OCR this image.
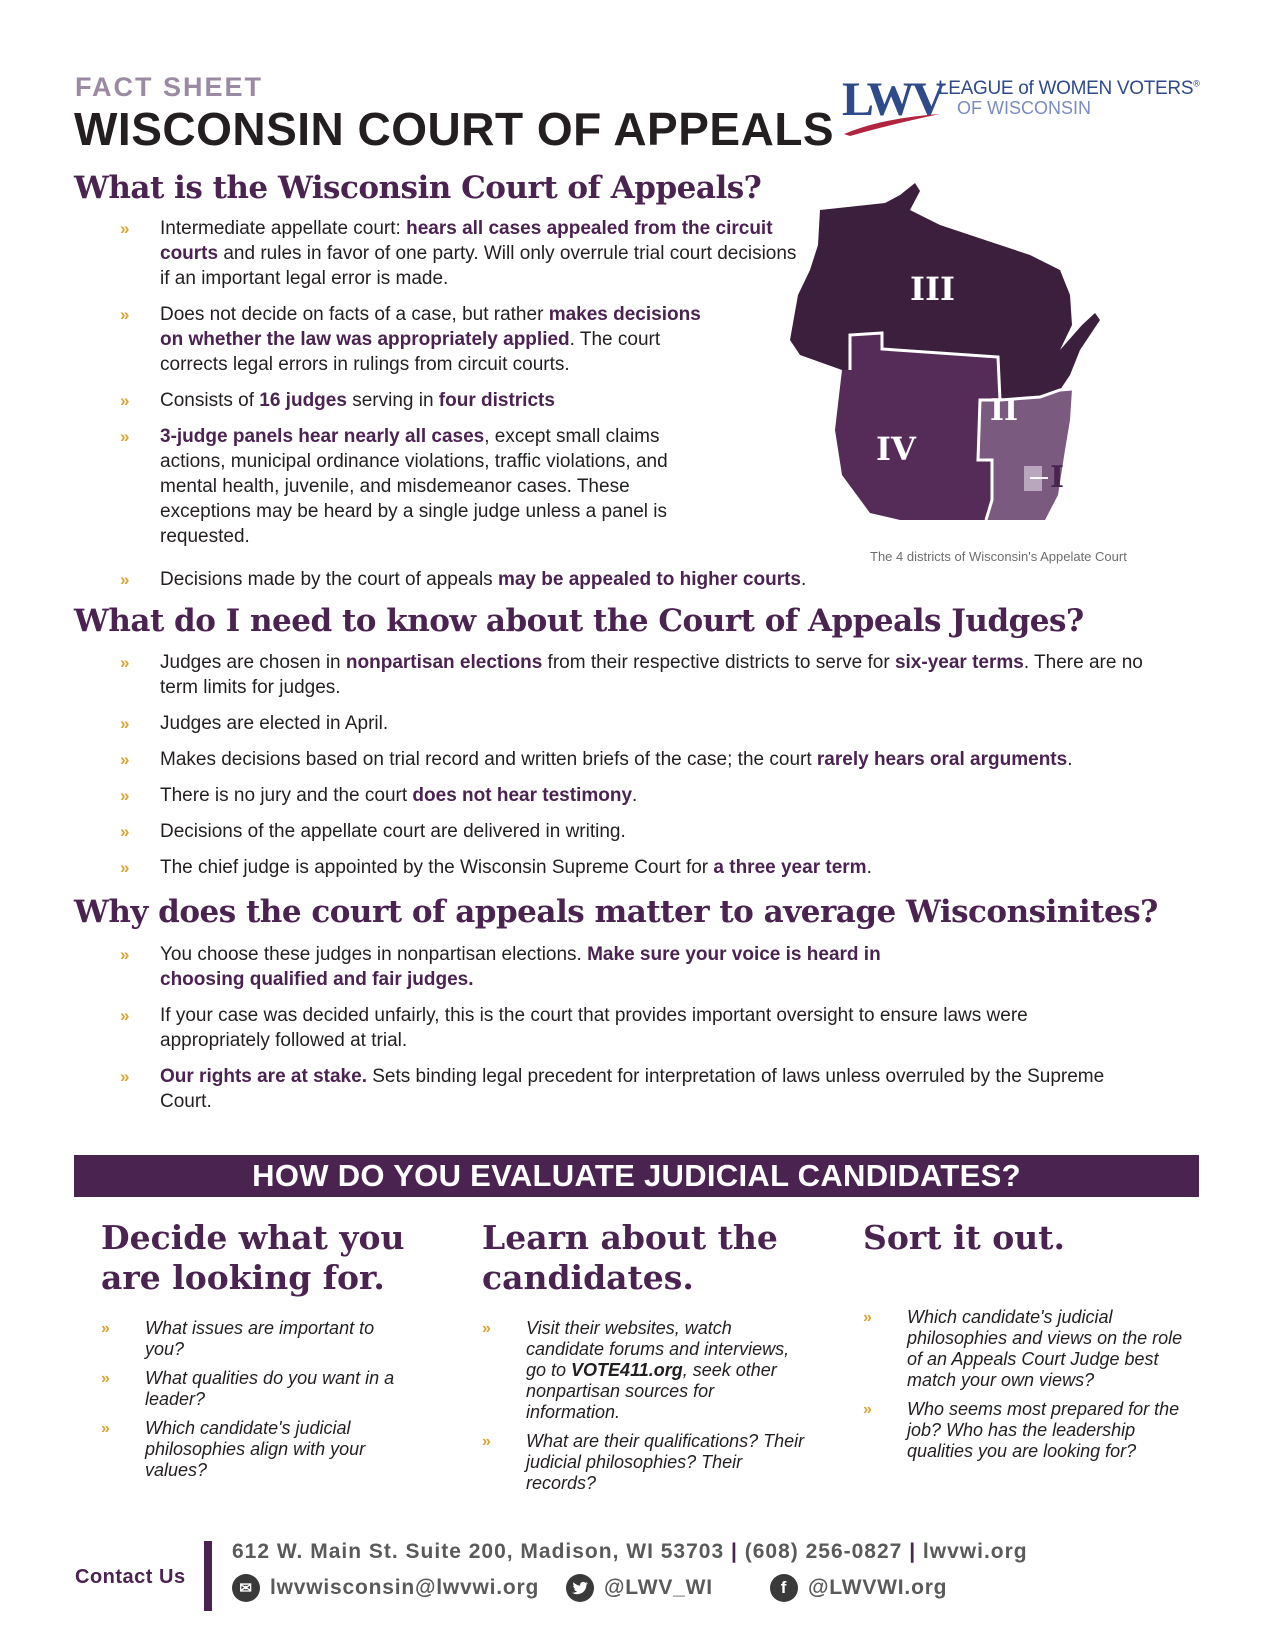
FACT SHEET
WISCONSIN COURT OF APPEALS
LWV
LEAGUE of WOMEN VOTERS®
OF WISCONSIN
What is the Wisconsin Court of Appeals?
» Intermediate appellate court: hears all cases appealed from the circuit courts and rules in favor of one party. Will only overrule trial court decisions if an important legal error is made.
» Does not decide on facts of a case, but rather makes decisions on whether the law was appropriately applied. The court corrects legal errors in rulings from circuit courts.
» Consists of 16 judges serving in four districts
» 3-judge panels hear nearly all cases, except small claims actions, municipal ordinance violations, traffic violations, and mental health, juvenile, and misdemeanor cases. These exceptions may be heard by a single judge unless a panel is requested.
» Decisions made by the court of appeals may be appealed to higher courts.
III
II
IV
I
The 4 districts of Wisconsin's Appelate Court
What do I need to know about the Court of Appeals Judges?
» Judges are chosen in nonpartisan elections from their respective districts to serve for six-year terms. There are no term limits for judges.
» Judges are elected in April.
» Makes decisions based on trial record and written briefs of the case; the court rarely hears oral arguments.
» There is no jury and the court does not hear testimony.
» Decisions of the appellate court are delivered in writing.
» The chief judge is appointed by the Wisconsin Supreme Court for a three year term.
Why does the court of appeals matter to average Wisconsinites?
» You choose these judges in nonpartisan elections. Make sure your voice is heard in choosing qualified and fair judges.
» If your case was decided unfairly, this is the court that provides important oversight to ensure laws were appropriately followed at trial.
» Our rights are at stake. Sets binding legal precedent for interpretation of laws unless overruled by the Supreme Court.
HOW DO YOU EVALUATE JUDICIAL CANDIDATES?
Decide what you are looking for.
» What issues are important to you?
» What qualities do you want in a leader?
» Which candidate's judicial philosophies align with your values?
Learn about the candidates.
» Visit their websites, watch candidate forums and interviews, go to VOTE411.org, seek other nonpartisan sources for information.
» What are their qualifications? Their judicial philosophies? Their records?
Sort it out.
» Which candidate's judicial philosophies and views on the role of an Appeals Court Judge best match your own views?
» Who seems most prepared for the job? Who has the leadership qualities you are looking for?
Contact Us
612 W. Main St. Suite 200, Madison, WI 53703 | (608) 256-0827 | lwvwi.org
✉ lwvwisconsin@lwvwi.org	@LWV_WI	f @LWVWI.org
